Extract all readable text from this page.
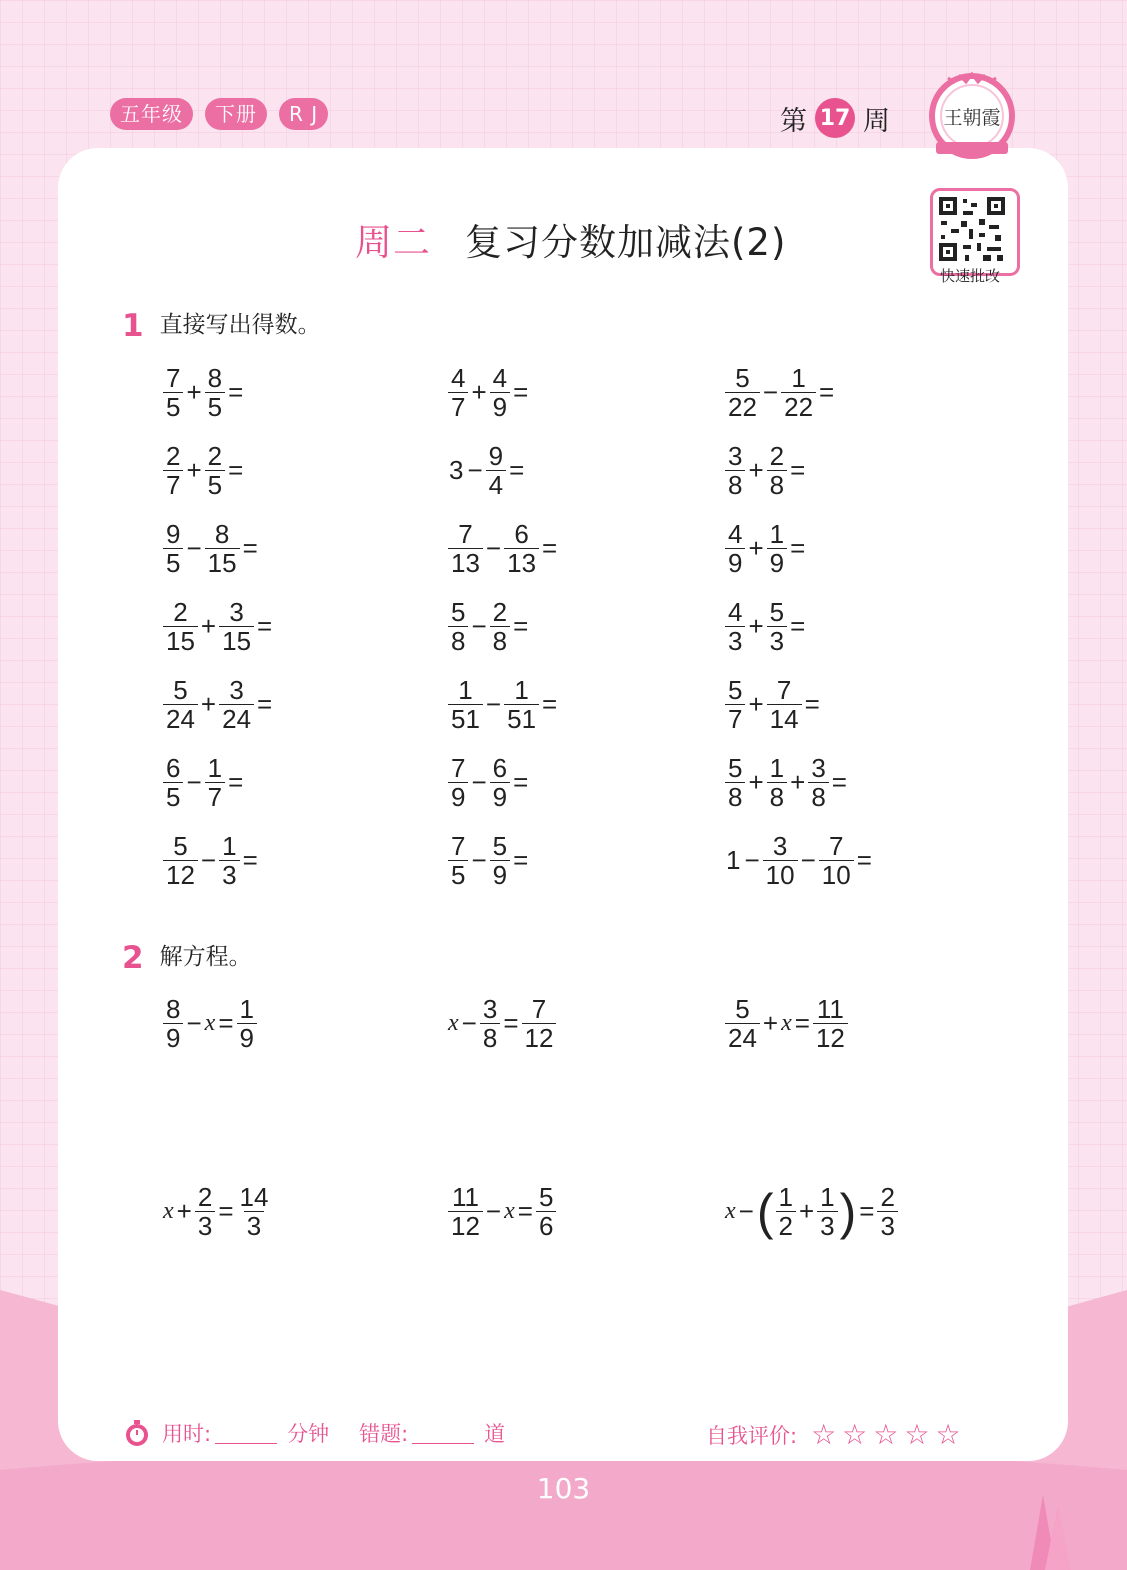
五年级	下册	R J	第 17 周	王朝霞
快速批改
周二 复习分数加减法(2)
1 直接写出得数。
2 解方程。
$\frac{7}{5} + \frac{8}{5}$ =	$\frac{4}{7} + \frac{4}{9}$ =	$\frac{5}{22} - \frac{1}{22}$ =
$\frac{2}{7} + \frac{2}{5}$ =	$3 - \frac{9}{4}$ =	$\frac{3}{8} + \frac{2}{8}$ =
$\frac{9}{5} - \frac{8}{15}$ =	$\frac{7}{13} - \frac{6}{13}$ =	$\frac{4}{9} + \frac{1}{9}$ =
$\frac{2}{15} + \frac{3}{15}$ =	$\frac{5}{8} - \frac{2}{8}$ =	$\frac{4}{3} + \frac{5}{3}$ =
$\frac{5}{24} + \frac{3}{24}$ =	$\frac{1}{51} - \frac{1}{51}$ =	$\frac{5}{7} + \frac{7}{14}$ =
$\frac{6}{5} - \frac{1}{7}$ =	$\frac{7}{9} - \frac{6}{9}$ =	$\frac{5}{8} + \frac{1}{8} + \frac{3}{8}$ =
$\frac{5}{12} - \frac{1}{3}$ =	$\frac{7}{5} - \frac{5}{9}$ =	$1 - \frac{3}{10} - \frac{7}{10}$ =
$\frac{8}{9} - x = \frac{1}{9}$	$x - \frac{3}{8} = \frac{7}{12}$	$\frac{5}{24} + x = \frac{11}{12}$
$x + \frac{2}{3} = \frac{14}{3}$	$\frac{11}{12} - x = \frac{5}{6}$	x − ( $\frac{1}{2} + \frac{1}{3}$ ) = $\frac{2}{3}$
用时:	分钟 错题:	道	自我评价: ☆☆☆☆☆
103
